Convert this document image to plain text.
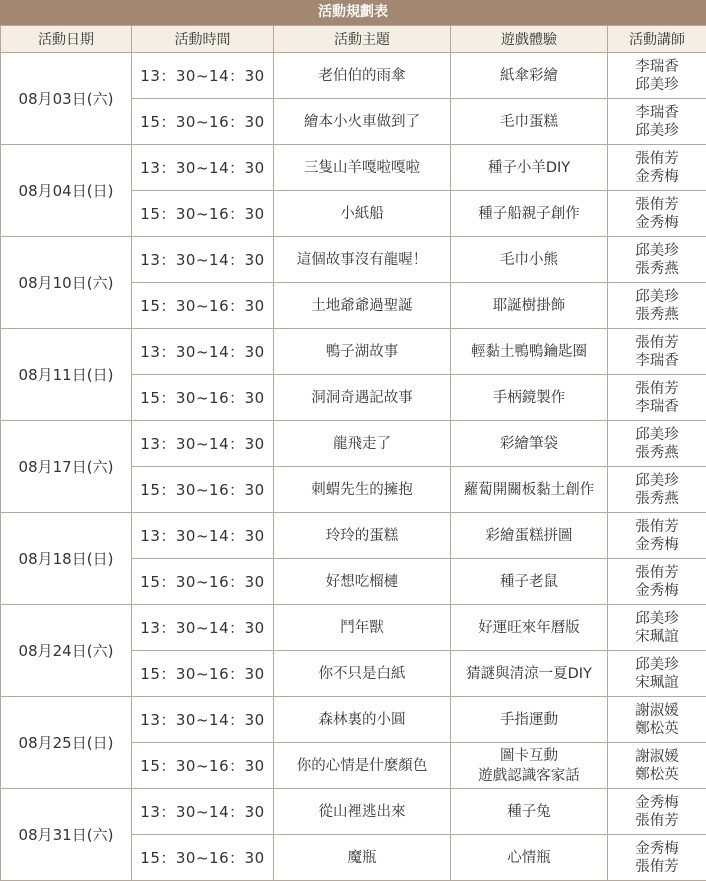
活動規劃表
活動日期	活動時間	活動主題	遊戲體驗	活動講師
08月03日(六)	13：30~14：30	老伯伯的雨傘	紙傘彩繪	李瑞香
邱美珍

	15：30~16：30	繪本小火車做到了	毛巾蛋糕	李瑞香
邱美珍

08月04日(日)	13：30~14：30	三隻山羊嘎啦嘎啦	種子小羊DIY	張侑芳
金秀梅

	15：30~16：30	小紙船	種子船親子創作	張侑芳
金秀梅

08月10日(六)	13：30~14：30	這個故事沒有龍喔！	毛巾小熊	邱美珍
張秀燕

	15：30~16：30	土地爺爺過聖誕	耶誕樹掛飾	邱美珍
張秀燕

08月11日(日)	13：30~14：30	鴨子湖故事	輕黏土鴨鴨鑰匙圈	張侑芳
李瑞香

	15：30~16：30	洞洞奇遇記故事	手柄鏡製作	張侑芳
李瑞香

08月17日(六)	13：30~14：30	龍飛走了	彩繪筆袋	邱美珍
張秀燕

	15：30~16：30	刺蝟先生的擁抱	蘿蔔開關板黏土創作	邱美珍
張秀燕

08月18日(日)	13：30~14：30	玲玲的蛋糕	彩繪蛋糕拼圖	張侑芳
金秀梅

	15：30~16：30	好想吃榴槤	種子老鼠	張侑芳
金秀梅

08月24日(六)	13：30~14：30	鬥年獸	好運旺來年曆版	邱美珍
宋珮誼

	15：30~16：30	你不只是白紙	猜謎與清涼一夏DIY	邱美珍
宋珮誼

08月25日(日)	13：30~14：30	森林裏的小圓	手指運動	謝淑媛
鄭松英

	15：30~16：30	你的心情是什麼顏色	圖卡互動
遊戲認識客家話	謝淑媛
鄭松英

08月31日(六)	13：30~14：30	從山裡逃出來	種子兔	金秀梅
張侑芳

	15：30~16：30	魔瓶	心情瓶	金秀梅
張侑芳
